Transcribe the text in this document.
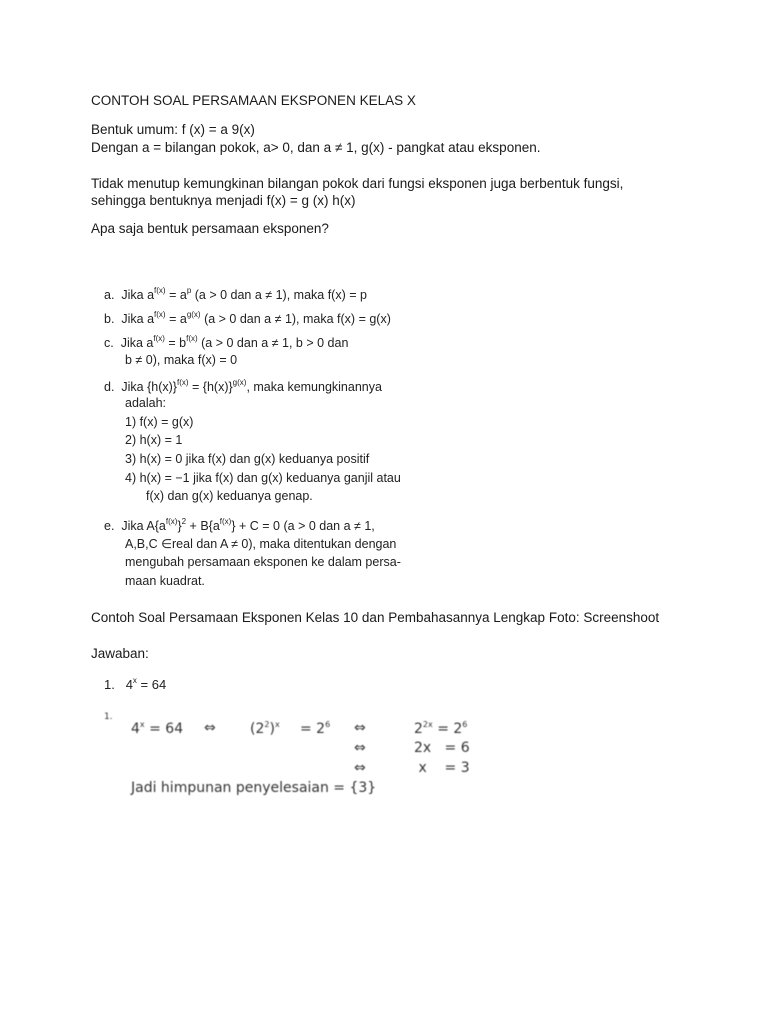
CONTOH SOAL PERSAMAAN EKSPONEN KELAS X
Bentuk umum: f (x) = a 9(x)
Dengan a = bilangan pokok, a> 0, dan a ≠ 1, g(x) - pangkat atau eksponen.
Tidak menutup kemungkinan bilangan pokok dari fungsi eksponen juga berbentuk fungsi,
sehingga bentuknya menjadi f(x) = g (x) h(x)
Apa saja bentuk persamaan eksponen?
a. Jika $a^{f(x)} = a^p$ (a > 0 dan a ≠ 1), maka f(x) = p
b. Jika $a^{f(x)} = a^{g(x)}$ (a > 0 dan a ≠ 1), maka f(x) = g(x)
c. Jika $a^{f(x)} = b^{f(x)}$ (a > 0 dan a ≠ 1, b > 0 dan
b ≠ 0), maka f(x) = 0
d. Jika $\{h(x)\}^{f(x)} = \{h(x)\}^{g(x)}$, maka kemungkinannya
adalah:
1) f(x) = g(x)
2) h(x) = 1
3) h(x) = 0 jika f(x) dan g(x) keduanya positif
4) h(x) = −1 jika f(x) dan g(x) keduanya ganjil atau
f(x) dan g(x) keduanya genap.
e. Jika $A\{a^{f(x)}\}^2 + B\{a^{f(x)}\} + C = 0$ (a > 0 dan a ≠ 1,
A,B,C ∈real dan A ≠ 0), maka ditentukan dengan
mengubah persamaan eksponen ke dalam persa-
maan kuadrat.
Contoh Soal Persamaan Eksponen Kelas 10 dan Pembahasannya Lengkap Foto: Screenshoot
Jawaban:
1. $4^x = 64$
1.
$4^x = 64$ ⇔ $(2^2)^x = 2^6$ ⇔	$2^{2x} = 2^6$
⇔	2x   = 6
⇔	x    = 3
Jadi himpunan penyelesaian = {3}
